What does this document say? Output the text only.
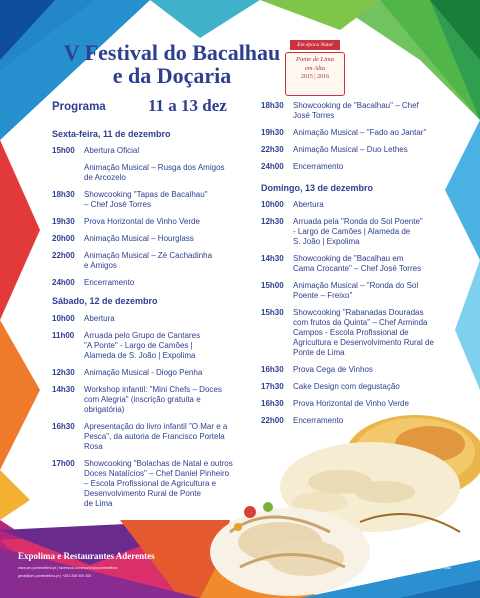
V Festival do Bacalhau
e da Doçaria
Programa 11 a 13 dez
Em época Natal
Ponte de Lima
em Alta
2015 | 2016
Sexta-feira, 11 de dezembro
15h00	Abertura Oficial
Animação Musical – Rusga dos Amigos
de Arcozelo
18h30	Showcooking "Tapas de Bacalhau"
– Chef José Torres
19h30	Prova Horizontal de Vinho Verde
20h00	Animação Musical – Hourglass
22h00	Animação Musical – Zé Cachadinha
e Amigos
24h00	Encerramento
Sábado, 12 de dezembro
10h00	Abertura
11h00	Arruada pelo Grupo de Cantares
"A Ponte" - Largo de Camões |
Alameda de S. João | Expolima
12h30	Animação Musical - Diogo Penha
14h30	Workshop infantil: "Mini Chefs – Doces
com Alegria" (inscrição gratuita e
obrigatória)
16h30	Apresentação do livro infantil "O Mar e a
Pesca", da autoria de Francisco Portela
Rosa
17h00	Showcooking "Bolachas de Natal e outros
Doces Natalícios" – Chef Daniel Pinheiro
– Escola Profissional de Agricultura e
Desenvolvimento Rural de Ponte
de Lima
18h30	Showcooking de "Bacalhau" – Chef
José Torres
19h30	Animação Musical – "Fado ao Jantar"
22h30	Animação Musical – Duo Lethes
24h00	Encerramento
Domingo, 13 de dezembro
10h00	Abertura
12h30	Arruada pela "Ronda do Sol Poente"
- Largo de Camões | Alameda de
S. João | Expolima
14h30	Showcooking de "Bacalhau em
Cama Crocante" – Chef José Torres
15h00	Animação Musical – "Ronda do Sol
Poente – Freixo"
15h30	Showcooking "Rabanadas Douradas
com frutos da Quinta" – Chef Arminda
Campos - Escola Profissional de
Agricultura e Desenvolvimento Rural de
Ponte de Lima
16h30	Prova Cega de Vinhos
17h30	Cake Design com degustação
16h30	Prova Horizontal de Vinho Verde
22h00	Encerramento
Expolima e Restaurantes Aderentes
www.cm-pontedelima.pt | facebook.com/municipiopontedelima
geral@cm-pontedelima.pt | +351 258 900 400
Município Ponte de Lima	Ponte de Lima
